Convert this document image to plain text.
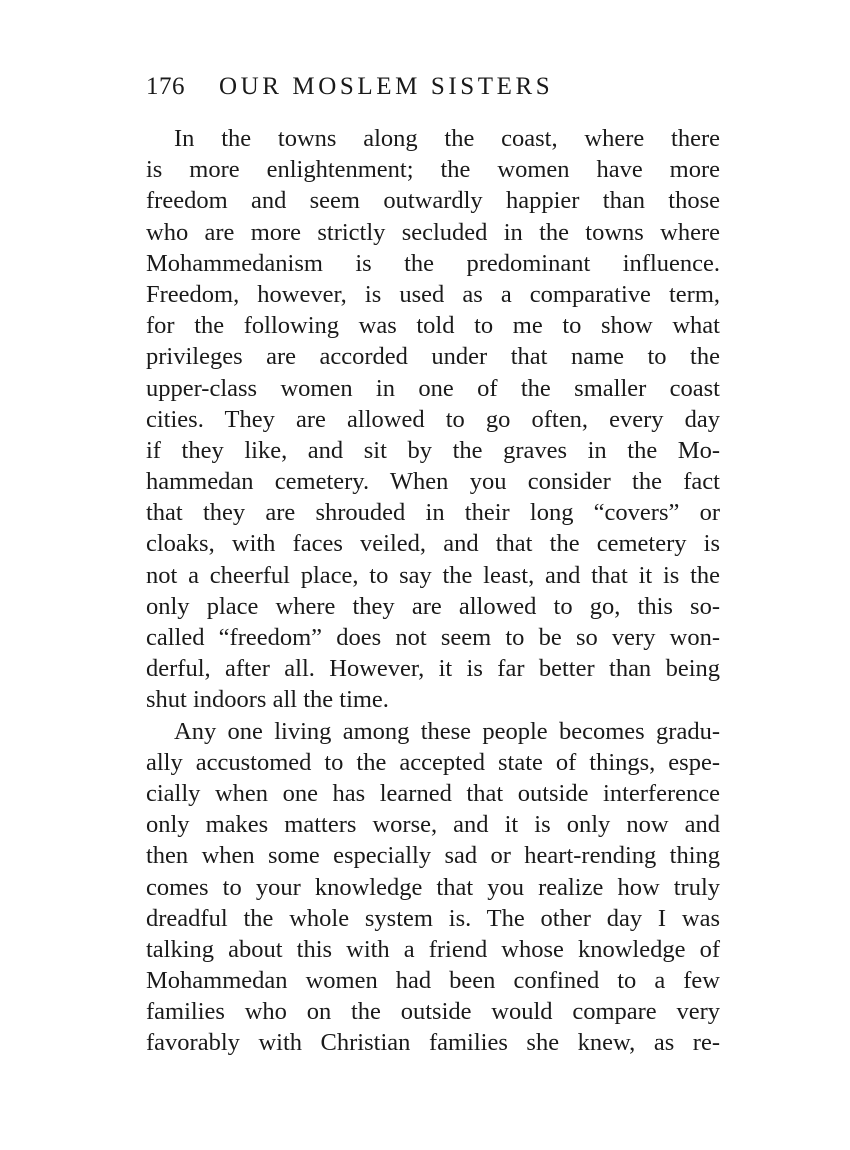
176 OUR MOSLEM SISTERS
In the towns along the coast, where there
is more enlightenment; the women have more
freedom and seem outwardly happier than those
who are more strictly secluded in the towns where
Mohammedanism is the predominant influence.
Freedom, however, is used as a comparative term,
for the following was told to me to show what
privileges are accorded under that name to the
upper-class women in one of the smaller coast
cities. They are allowed to go often, every day
if they like, and sit by the graves in the Mo-
hammedan cemetery. When you consider the fact
that they are shrouded in their long “covers” or
cloaks, with faces veiled, and that the cemetery is
not a cheerful place, to say the least, and that it is the
only place where they are allowed to go, this so-
called “freedom” does not seem to be so very won-
derful, after all. However, it is far better than being
shut indoors all the time.
Any one living among these people becomes gradu-
ally accustomed to the accepted state of things, espe-
cially when one has learned that outside interference
only makes matters worse, and it is only now and
then when some especially sad or heart-rending thing
comes to your knowledge that you realize how truly
dreadful the whole system is. The other day I was
talking about this with a friend whose knowledge of
Mohammedan women had been confined to a few
families who on the outside would compare very
favorably with Christian families she knew, as re-
